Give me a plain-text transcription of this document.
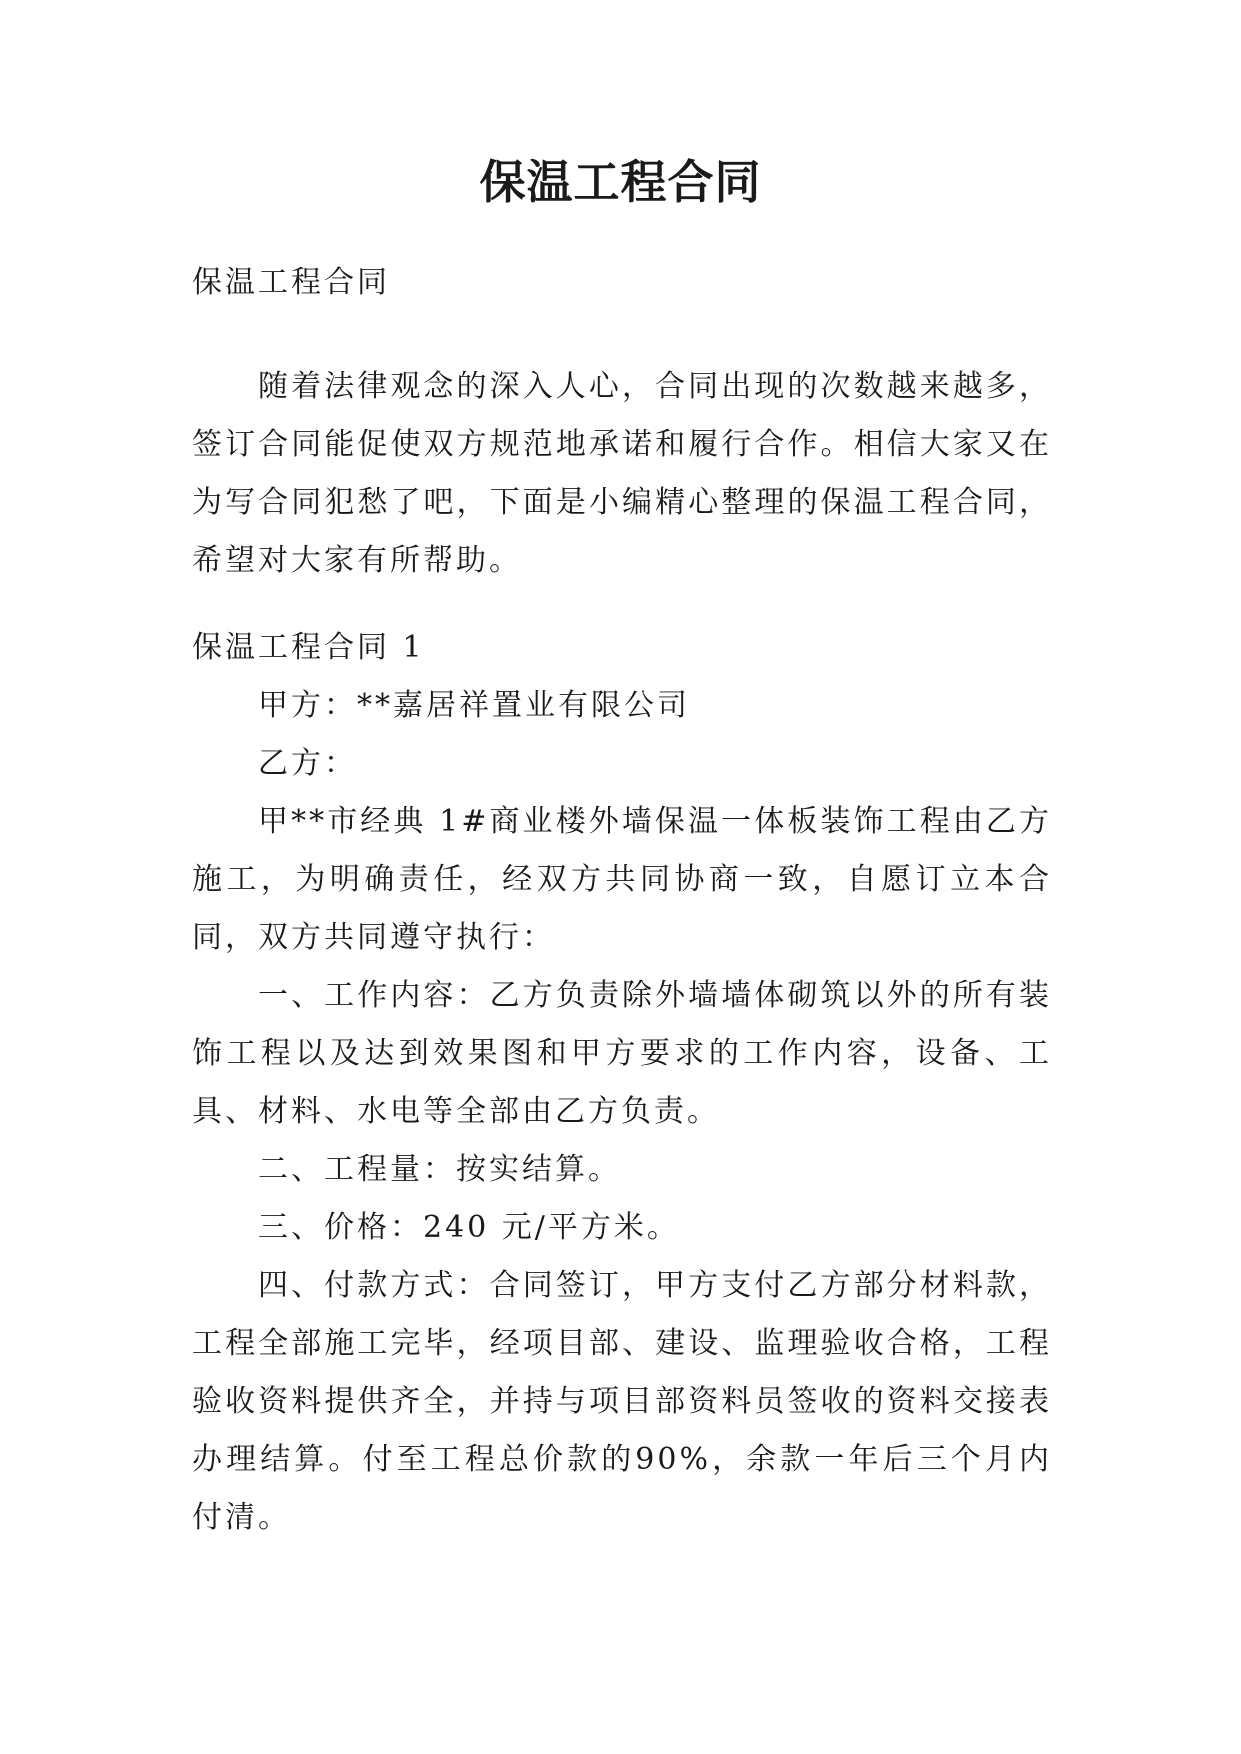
保温工程合同

保温工程合同

随着法律观念的深入人心，合同出现的次数越来越多，签订合同能促使双方规范地承诺和履行合作。相信大家又在为写合同犯愁了吧，下面是小编精心整理的保温工程合同，希望对大家有所帮助。

保温工程合同 1

甲方：**嘉居祥置业有限公司

乙方：

甲**市经典 1#商业楼外墙保温一体板装饰工程由乙方施工，为明确责任，经双方共同协商一致，自愿订立本合同，双方共同遵守执行：

一、工作内容：乙方负责除外墙墙体砌筑以外的所有装饰工程以及达到效果图和甲方要求的工作内容，设备、工具、材料、水电等全部由乙方负责。

二、工程量：按实结算。

三、价格：240 元/平方米。

四、付款方式：合同签订，甲方支付乙方部分材料款，工程全部施工完毕，经项目部、建设、监理验收合格，工程验收资料提供齐全，并持与项目部资料员签收的资料交接表办理结算。付至工程总价款的90%，余款一年后三个月内付清。
